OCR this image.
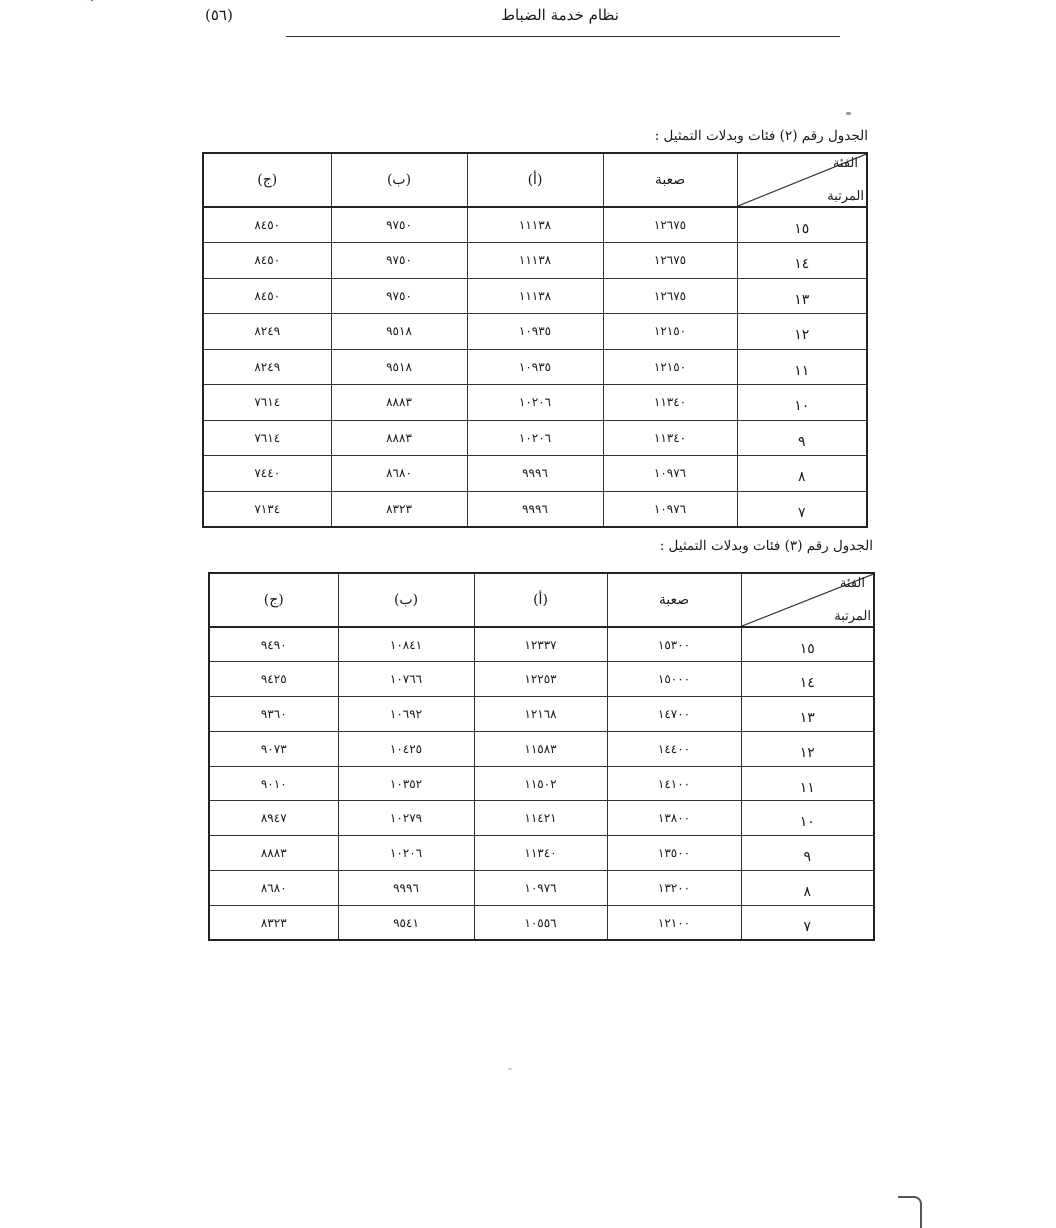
(٥٦)	نظام خدمة الضباط
الجدول رقم (٢) فئات وبدلات التمثيل :
(ج)	(ب)	(أ)	صعبة	الفئة
المرتبة

٨٤٥٠	٩٧٥٠	١١١٣٨	١٢٦٧٥	١٥
٨٤٥٠	٩٧٥٠	١١١٣٨	١٢٦٧٥	١٤
٨٤٥٠	٩٧٥٠	١١١٣٨	١٢٦٧٥	١٣
٨٢٤٩	٩٥١٨	١٠٩٣٥	١٢١٥٠	١٢
٨٢٤٩	٩٥١٨	١٠٩٣٥	١٢١٥٠	١١
٧٦١٤	٨٨٨٣	١٠٢٠٦	١١٣٤٠	١٠
٧٦١٤	٨٨٨٣	١٠٢٠٦	١١٣٤٠	٩
٧٤٤٠	٨٦٨٠	٩٩٩٦	١٠٩٧٦	٨
٧١٣٤	٨٣٢٣	٩٩٩٦	١٠٩٧٦	٧
الجدول رقم (٣) فئات وبدلات التمثيل :
(ج)	(ب)	(أ)	صعبة	الفئة
المرتبة

٩٤٩٠	١٠٨٤١	١٢٣٣٧	١٥٣٠٠	١٥
٩٤٢٥	١٠٧٦٦	١٢٢٥٣	١٥٠٠٠	١٤
٩٣٦٠	١٠٦٩٢	١٢١٦٨	١٤٧٠٠	١٣
٩٠٧٣	١٠٤٢٥	١١٥٨٣	١٤٤٠٠	١٢
٩٠١٠	١٠٣٥٢	١١٥٠٢	١٤١٠٠	١١
٨٩٤٧	١٠٢٧٩	١١٤٢١	١٣٨٠٠	١٠
٨٨٨٣	١٠٢٠٦	١١٣٤٠	١٣٥٠٠	٩
٨٦٨٠	٩٩٩٦	١٠٩٧٦	١٣٢٠٠	٨
٨٣٢٣	٩٥٤١	١٠٥٥٦	١٢١٠٠	٧
